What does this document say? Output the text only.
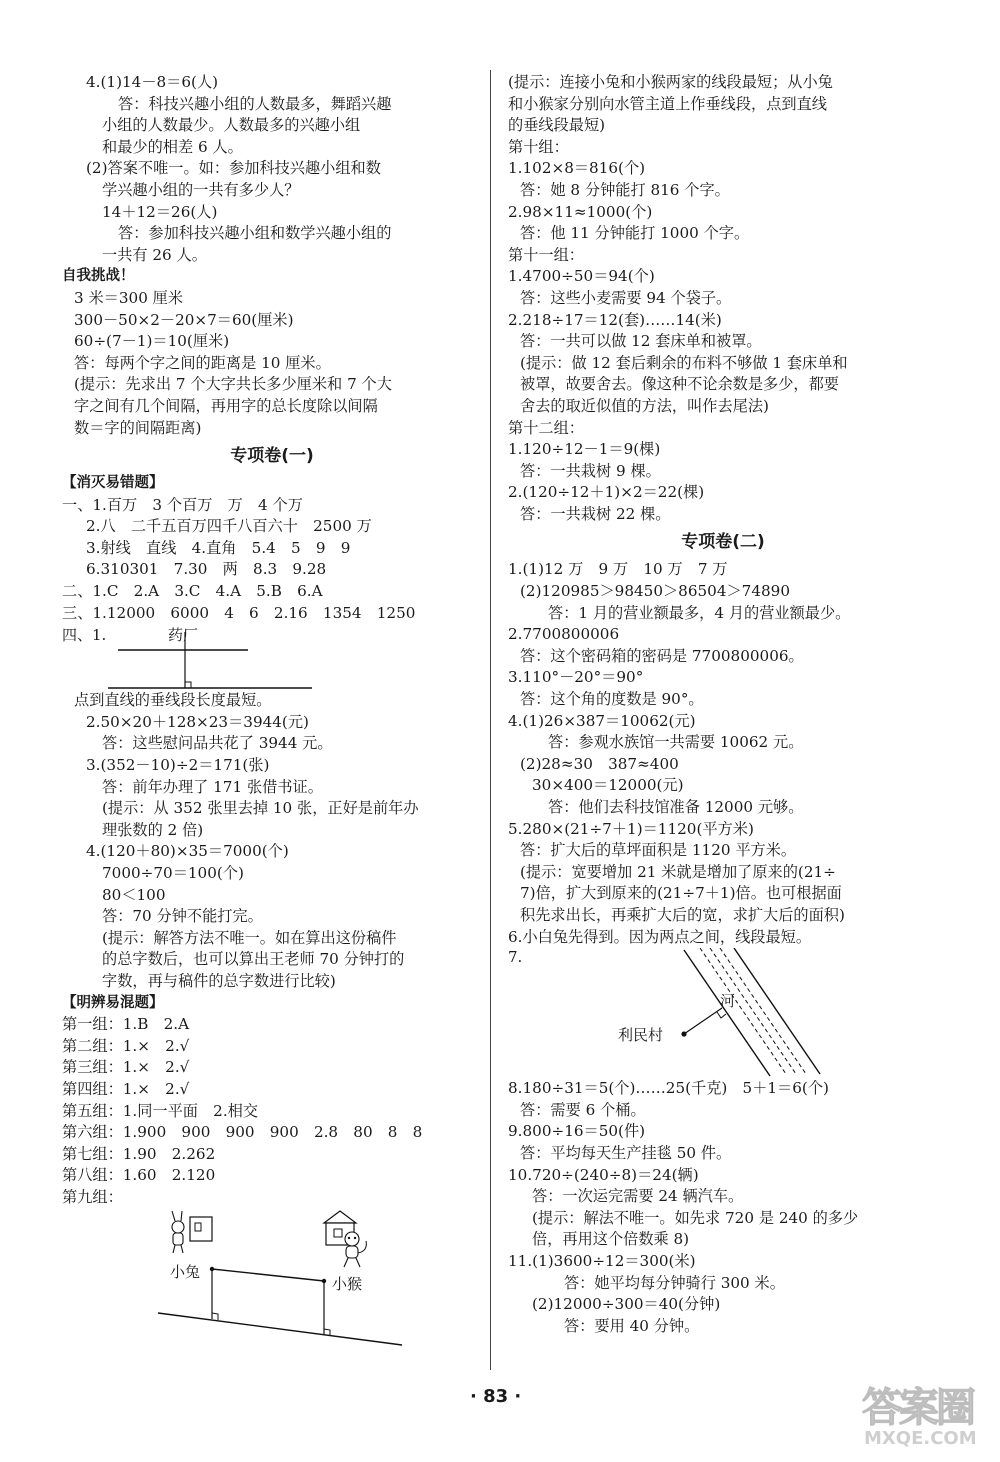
4.(1)14－8＝6(人)
答：科技兴趣小组的人数最多，舞蹈兴趣
小组的人数最少。人数最多的兴趣小组
和最少的相差 6 人。
(2)答案不唯一。如：参加科技兴趣小组和数
学兴趣小组的一共有多少人？
14＋12＝26(人)
答：参加科技兴趣小组和数学兴趣小组的
一共有 26 人。
自我挑战！
3 米＝300 厘米
300－50×2－20×7＝60(厘米)
60÷(7－1)＝10(厘米)
答：每两个字之间的距离是 10 厘米。
(提示：先求出 7 个大字共长多少厘米和 7 个大
字之间有几个间隔，再用字的总长度除以间隔
数＝字的间隔距离)
专项卷(一)
【消灭易错题】
一、1.百万　3 个百万　万　4 个万
2.八　二千五百万四千八百六十　2500 万
3.射线　直线　4.直角　5.4　5　9　9
6.310301　7.30　两　8.3　9.28
二、1.C　2.A　3.C　4.A　5.B　6.A
三、1.12000　6000　4　6　2.16　1354　1250
四、1.	药厂
点到直线的垂线段长度最短。
2.50×20＋128×23＝3944(元)
答：这些慰问品共花了 3944 元。
3.(352－10)÷2＝171(张)
答：前年办理了 171 张借书证。
(提示：从 352 张里去掉 10 张，正好是前年办
理张数的 2 倍)
4.(120＋80)×35＝7000(个)
7000÷70＝100(个)
80＜100
答：70 分钟不能打完。
(提示：解答方法不唯一。如在算出这份稿件
的总字数后，也可以算出王老师 70 分钟打的
字数，再与稿件的总字数进行比较)
【明辨易混题】
第一组：1.B　2.A
第二组：1.×　2.√
第三组：1.×　2.√
第四组：1.×　2.√
第五组：1.同一平面　2.相交
第六组：1.900　900　900　900　2.8　80　8　8
第七组：1.90　2.262
第八组：1.60　2.120
第九组：
小兔
小猴
(提示：连接小兔和小猴两家的线段最短；从小兔
和小猴家分别向水管主道上作垂线段，点到直线
的垂线段最短)
第十组：
1.102×8＝816(个)
答：她 8 分钟能打 816 个字。
2.98×11≈1000(个)
答：他 11 分钟能打 1000 个字。
第十一组：
1.4700÷50＝94(个)
答：这些小麦需要 94 个袋子。
2.218÷17＝12(套)……14(米)
答：一共可以做 12 套床单和被罩。
(提示：做 12 套后剩余的布料不够做 1 套床单和
被罩，故要舍去。像这种不论余数是多少，都要
舍去的取近似值的方法，叫作去尾法)
第十二组：
1.120÷12－1＝9(棵)
答：一共栽树 9 棵。
2.(120÷12＋1)×2＝22(棵)
答：一共栽树 22 棵。
专项卷(二)
1.(1)12 万　9 万　10 万　7 万
(2)120985＞98450＞86504＞74890
答：1 月的营业额最多，4 月的营业额最少。
2.7700800006
答：这个密码箱的密码是 7700800006。
3.110°－20°＝90°
答：这个角的度数是 90°。
4.(1)26×387＝10062(元)
答：参观水族馆一共需要 10062 元。
(2)28≈30　387≈400
30×400＝12000(元)
答：他们去科技馆准备 12000 元够。
5.280×(21÷7＋1)＝1120(平方米)
答：扩大后的草坪面积是 1120 平方米。
(提示：宽要增加 21 米就是增加了原来的(21÷
7)倍，扩大到原来的(21÷7＋1)倍。也可根据面
积先求出长，再乘扩大后的宽，求扩大后的面积)
6.小白兔先得到。因为两点之间，线段最短。
7.
河
利民村
8.180÷31＝5(个)……25(千克)　5＋1＝6(个)
答：需要 6 个桶。
9.800÷16＝50(件)
答：平均每天生产挂毯 50 件。
10.720÷(240÷8)＝24(辆)
答：一次运完需要 24 辆汽车。
(提示：解法不唯一。如先求 720 是 240 的多少
倍，再用这个倍数乘 8)
11.(1)3600÷12＝300(米)
答：她平均每分钟骑行 300 米。
(2)12000÷300＝40(分钟)
答：要用 40 分钟。
· 83 ·	答案圈
MXQE.COM
